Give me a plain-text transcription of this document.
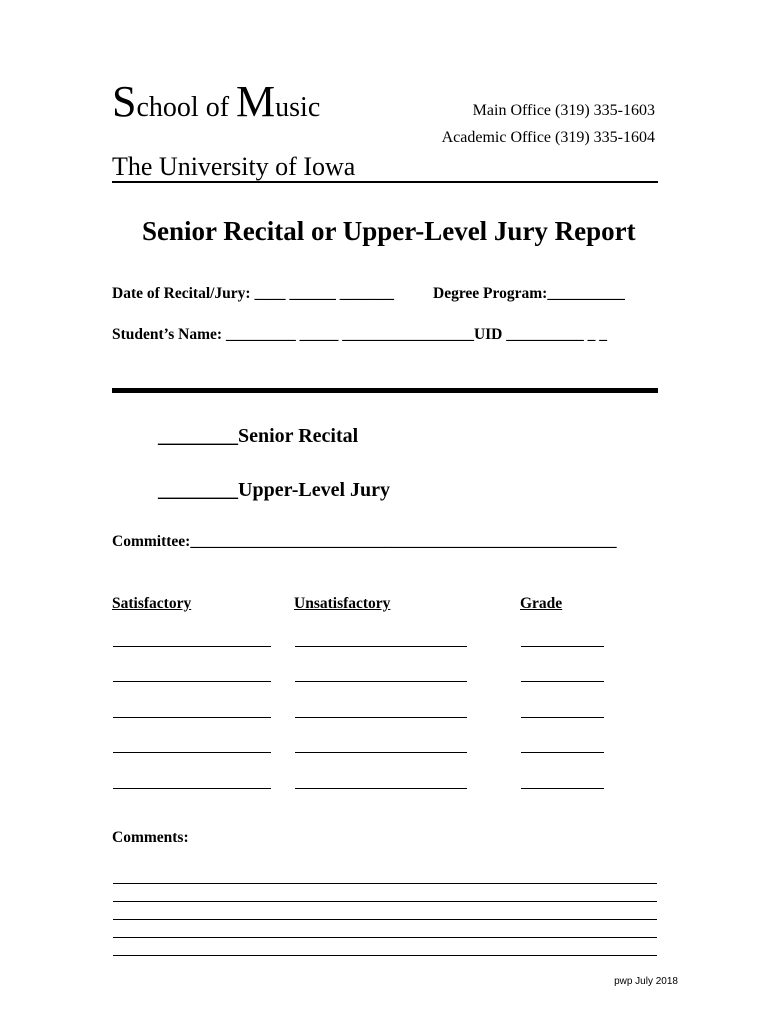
School of Music	Main Office (319) 335-1603
Academic Office (319) 335-1604
The University of Iowa
Senior Recital or Upper-Level Jury Report
Date of Recital/Jury: ____ ______ _______	Degree Program:__________
Student’s Name: _________ _____ _________________UID __________ _ _
________Senior Recital
________Upper-Level Jury
Committee:_______________________________________________________
Satisfactory	Unsatisfactory	Grade
Comments:
pwp July 2018
